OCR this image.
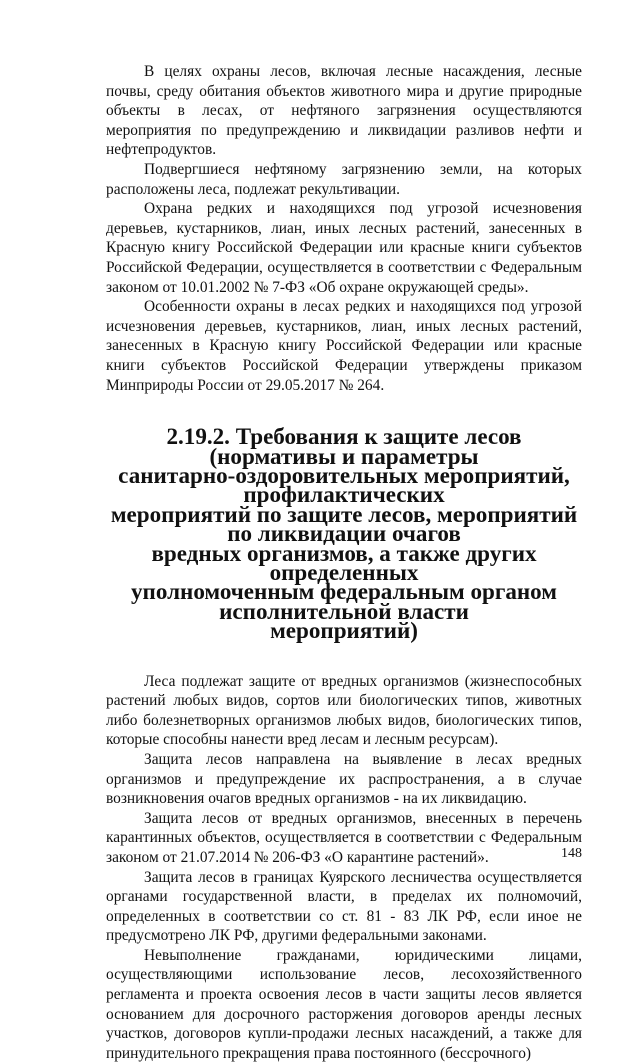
В целях охраны лесов, включая лесные насаждения, лесные почвы, среду обитания объектов животного мира и другие природные объекты в лесах, от нефтяного загрязнения осуществляются мероприятия по предупреждению и ликвидации разливов нефти и нефтепродуктов.

Подвергшиеся нефтяному загрязнению земли, на которых расположены леса, подлежат рекультивации.

Охрана редких и находящихся под угрозой исчезновения деревьев, кустарников, лиан, иных лесных растений, занесенных в Красную книгу Российской Федерации или красные книги субъектов Российской Федерации, осуществляется в соответствии с Федеральным законом от 10.01.2002 № 7-ФЗ «Об охране окружающей среды».

Особенности охраны в лесах редких и находящихся под угрозой исчезновения деревьев, кустарников, лиан, иных лесных растений, занесенных в Красную книгу Российской Федерации или красные книги субъектов Российской Федерации утверждены приказом Минприроды России от 29.05.2017 № 264.

2.19.2. Требования к защите лесов (нормативы и параметры
санитарно-оздоровительных мероприятий, профилактических
мероприятий по защите лесов, мероприятий по ликвидации очагов
вредных организмов, а также других определенных
уполномоченным федеральным органом исполнительной власти
мероприятий)

Леса подлежат защите от вредных организмов (жизнеспособных растений любых видов, сортов или биологических типов, животных либо болезнетворных организмов любых видов, биологических типов, которые способны нанести вред лесам и лесным ресурсам).

Защита лесов направлена на выявление в лесах вредных организмов и предупреждение их распространения, а в случае возникновения очагов вредных организмов - на их ликвидацию.

Защита лесов от вредных организмов, внесенных в перечень карантинных объектов, осуществляется в соответствии с Федеральным законом от 21.07.2014 № 206-ФЗ «О карантине растений».

Защита лесов в границах Куярского лесничества осуществляется органами государственной власти, в пределах их полномочий, определенных в соответствии со ст. 81 - 83 ЛК РФ, если иное не предусмотрено ЛК РФ, другими федеральными законами.

Невыполнение гражданами, юридическими лицами, осуществляющими использование лесов, лесохозяйственного регламента и проекта освоения лесов в части защиты лесов является основанием для досрочного расторжения договоров аренды лесных участков, договоров купли-продажи лесных насаждений, а также для принудительного прекращения права постоянного (бессрочного)

148
